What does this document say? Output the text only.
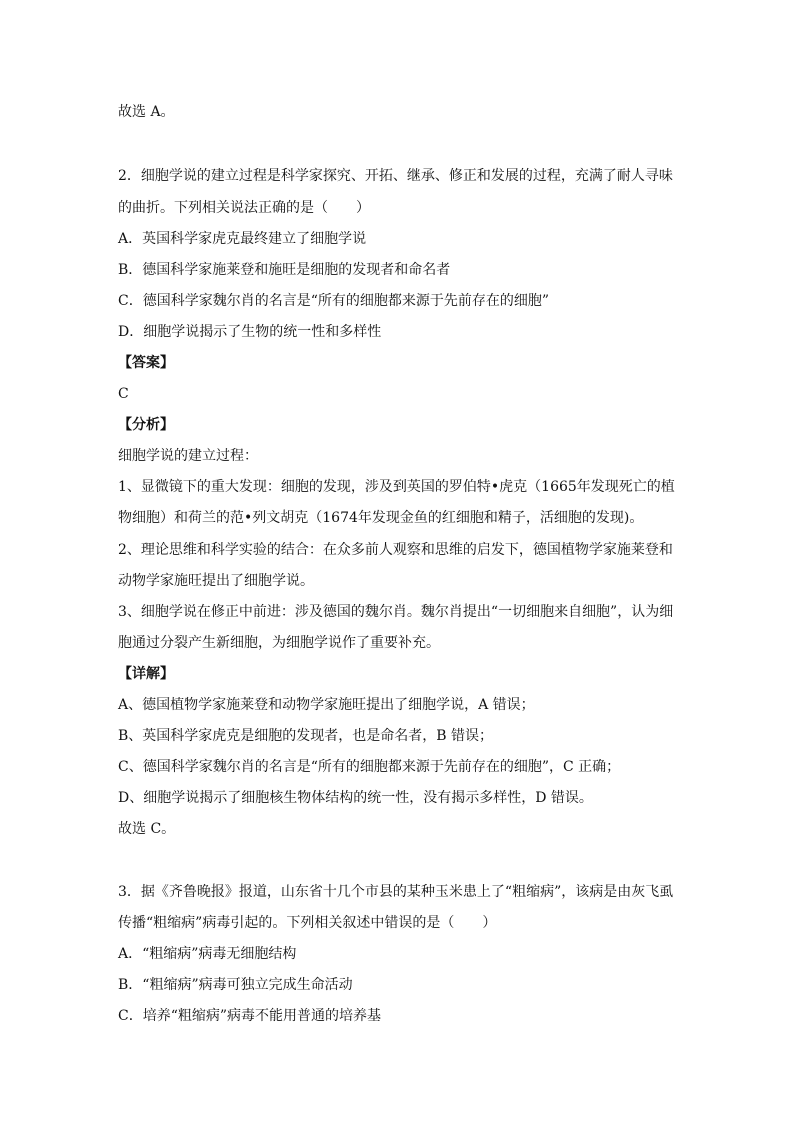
故选 A。
2．细胞学说的建立过程是科学家探究、开拓、继承、修正和发展的过程，充满了耐人寻味
的曲折。下列相关说法正确的是（　　）
A．英国科学家虎克最终建立了细胞学说
B．德国科学家施莱登和施旺是细胞的发现者和命名者
C．德国科学家魏尔肖的名言是“所有的细胞都来源于先前存在的细胞”
D．细胞学说揭示了生物的统一性和多样性
【答案】
C
【分析】
细胞学说的建立过程：
1、显微镜下的重大发现：细胞的发现，涉及到英国的罗伯特•虎克（1665年发现死亡的植
物细胞）和荷兰的范•列文胡克（1674年发现金鱼的红细胞和精子，活细胞的发现)。
2、理论思维和科学实验的结合：在众多前人观察和思维的启发下，德国植物学家施莱登和
动物学家施旺提出了细胞学说。
3、细胞学说在修正中前进：涉及德国的魏尔肖。魏尔肖提出“一切细胞来自细胞”，认为细
胞通过分裂产生新细胞，为细胞学说作了重要补充。
【详解】
A、德国植物学家施莱登和动物学家施旺提出了细胞学说，A 错误；
B、英国科学家虎克是细胞的发现者，也是命名者，B 错误；
C、德国科学家魏尔肖的名言是“所有的细胞都来源于先前存在的细胞”，C 正确；
D、细胞学说揭示了细胞核生物体结构的统一性，没有揭示多样性，D 错误。
故选 C。
3．据《齐鲁晚报》报道，山东省十几个市县的某种玉米患上了“粗缩病”，该病是由灰飞虱
传播“粗缩病”病毒引起的。下列相关叙述中错误的是（　　）
A．“粗缩病”病毒无细胞结构
B．“粗缩病”病毒可独立完成生命活动
C．培养“粗缩病”病毒不能用普通的培养基
